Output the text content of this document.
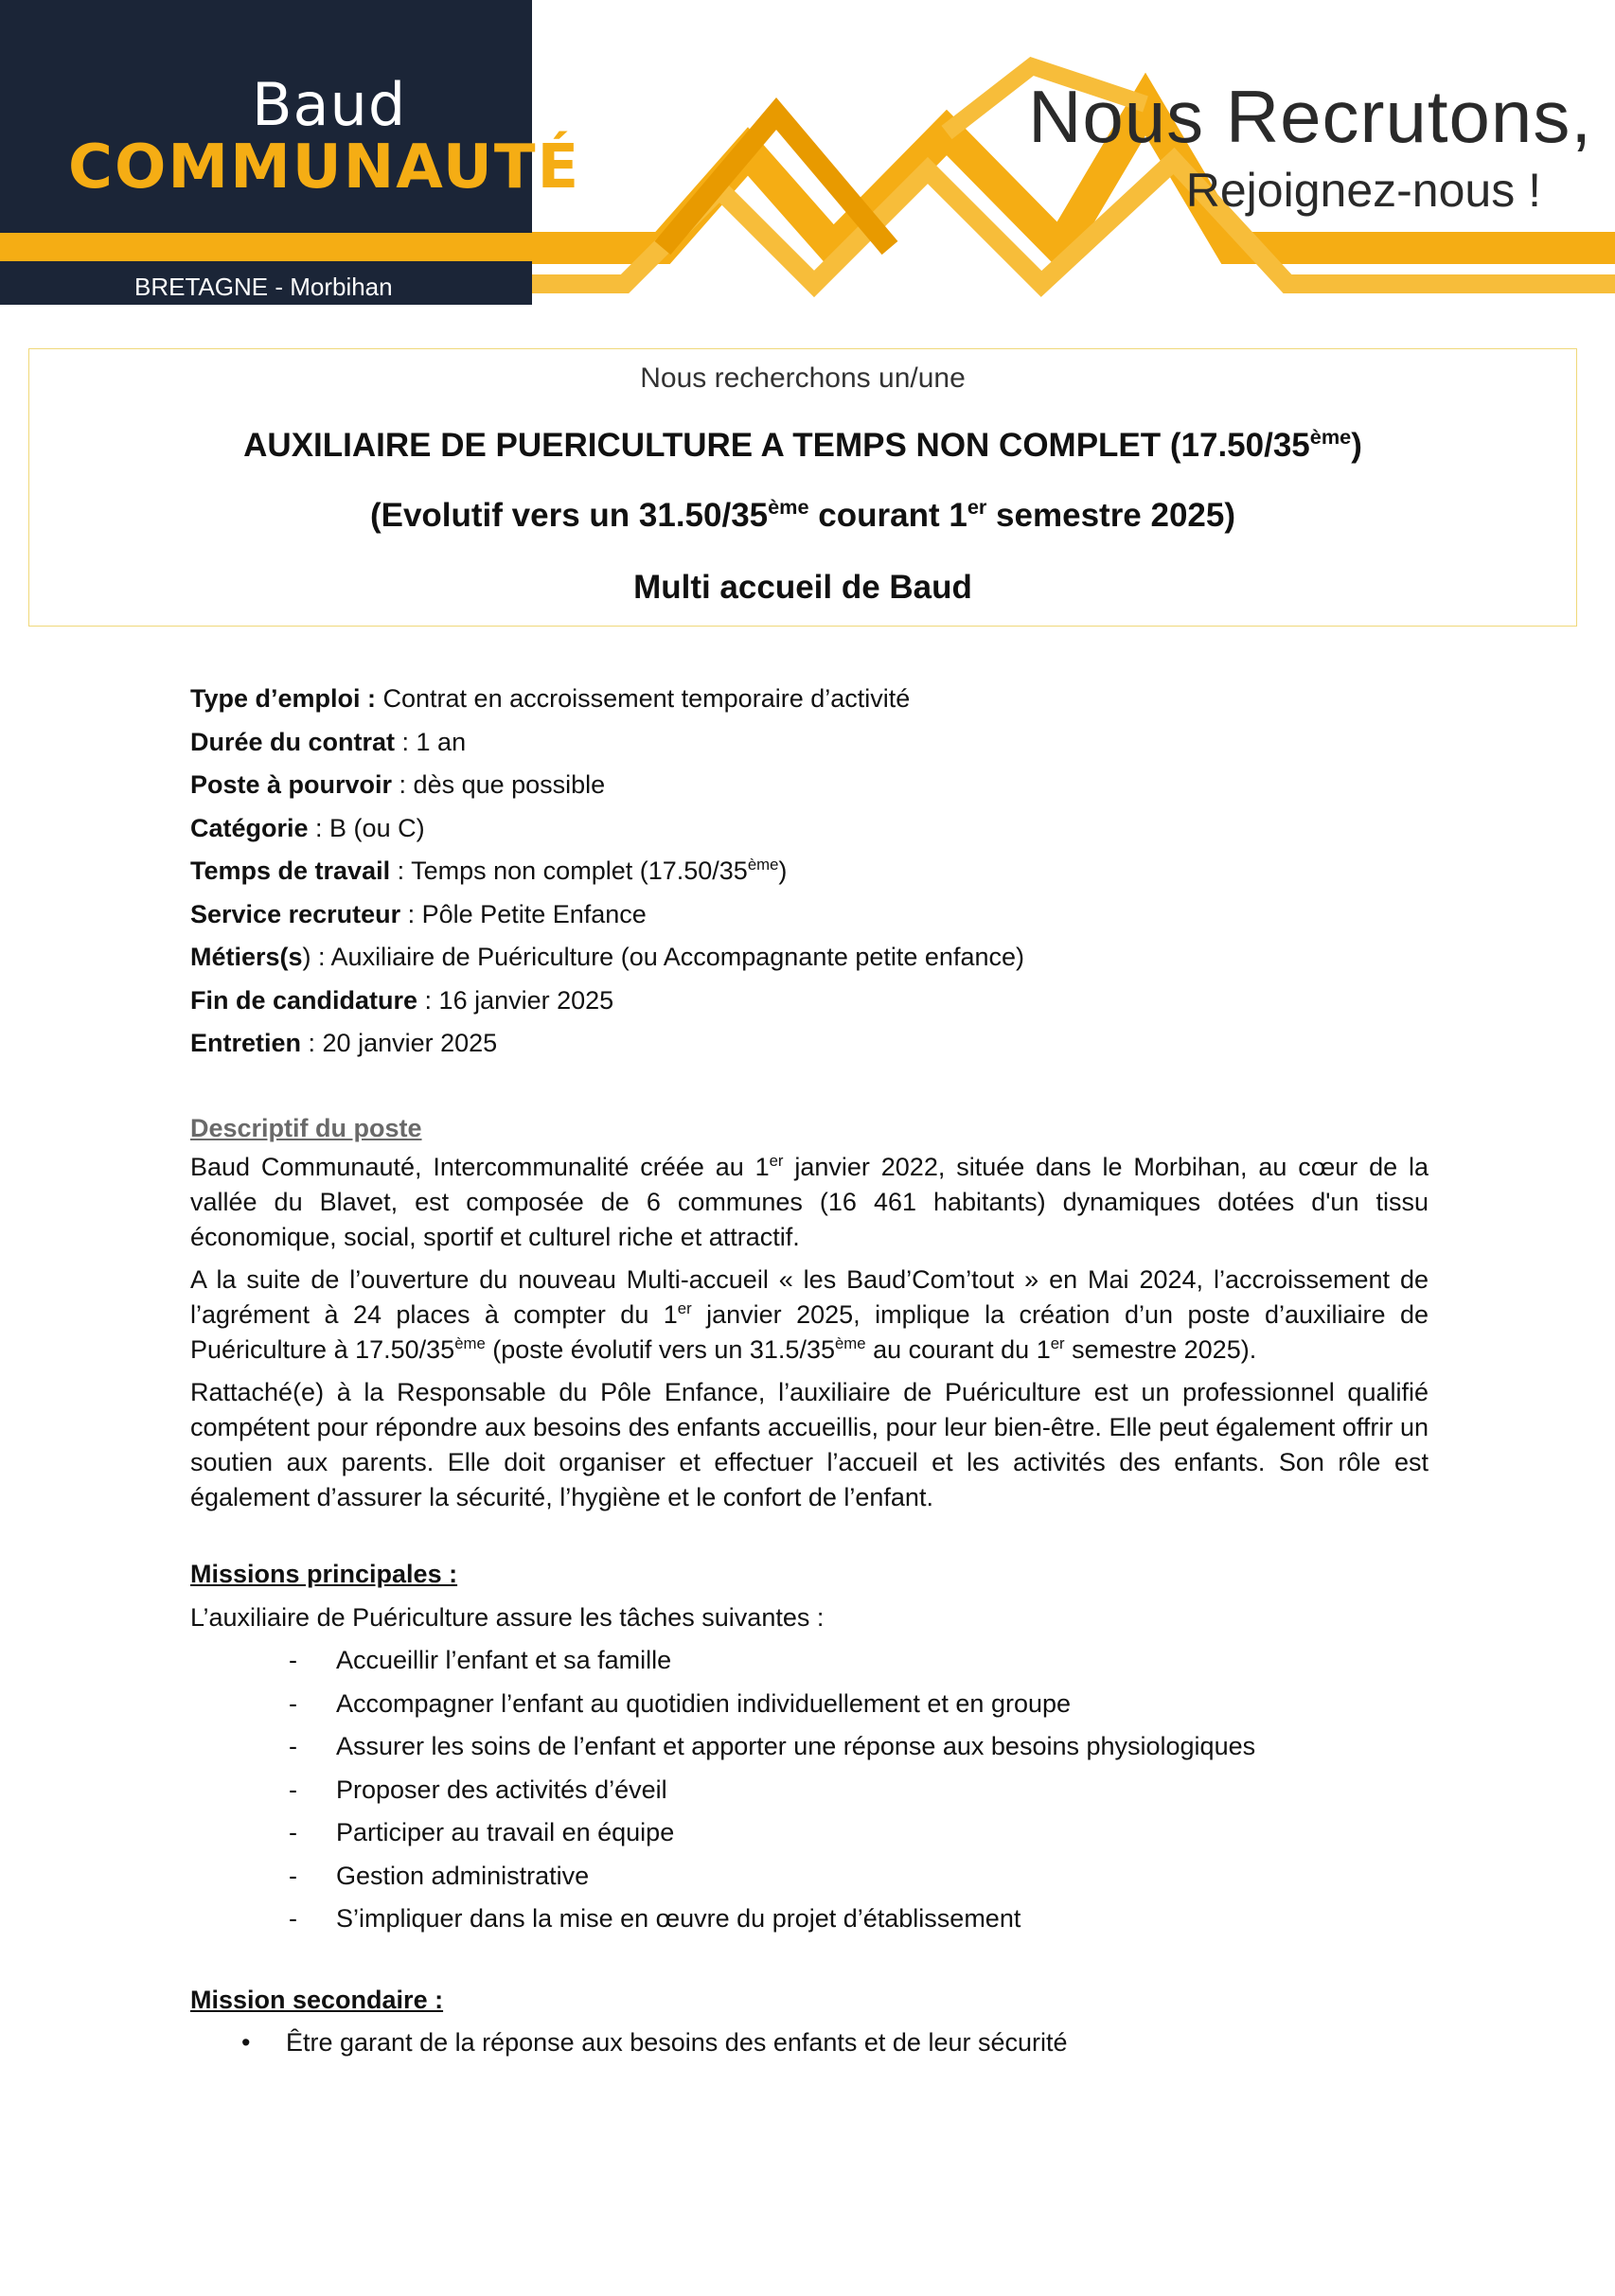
Baud
COMMUNAUTÉ
BRETAGNE - Morbihan
Nous Recrutons,
Rejoignez-nous !
Nous recherchons un/une
AUXILIAIRE DE PUERICULTURE A TEMPS NON COMPLET (17.50/35ème)
(Evolutif vers un 31.50/35ème courant 1er semestre 2025)
Multi accueil de Baud

Type d’emploi : Contrat en accroissement temporaire d’activité

Durée du contrat : 1 an

Poste à pourvoir : dès que possible

Catégorie : B (ou C)

Temps de travail : Temps non complet (17.50/35ème)

Service recruteur : Pôle Petite Enfance

Métiers(s) : Auxiliaire de Puériculture (ou Accompagnante petite enfance)

Fin de candidature : 16 janvier 2025

Entretien : 20 janvier 2025

Descriptif du poste

Baud Communauté, Intercommunalité créée au 1er janvier 2022, située dans le Morbihan, au cœur de la vallée du Blavet, est composée de 6 communes (16 461 habitants) dynamiques dotées d'un tissu économique, social, sportif et culturel riche et attractif.

A la suite de l’ouverture du nouveau Multi-accueil « les Baud’Com’tout » en Mai 2024, l’accroissement de l’agrément à 24 places à compter du 1er janvier 2025, implique la création d’un poste d’auxiliaire de Puériculture à 17.50/35ème (poste évolutif vers un 31.5/35ème au courant du 1er semestre 2025).

Rattaché(e) à la Responsable du Pôle Enfance, l’auxiliaire de Puériculture est un professionnel qualifié compétent pour répondre aux besoins des enfants accueillis, pour leur bien-être. Elle peut également offrir un soutien aux parents. Elle doit organiser et effectuer l’accueil et les activités des enfants. Son rôle est également d’assurer la sécurité, l’hygiène et le confort de l’enfant.

Missions principales :

L’auxiliaire de Puériculture assure les tâches suivantes :

- Accueillir l’enfant et sa famille
- Accompagner l’enfant au quotidien individuellement et en groupe
- Assurer les soins de l’enfant et apporter une réponse aux besoins physiologiques
- Proposer des activités d’éveil
- Participer au travail en équipe
- Gestion administrative
- S’impliquer dans la mise en œuvre du projet d’établissement

Mission secondaire :

• Être garant de la réponse aux besoins des enfants et de leur sécurité
